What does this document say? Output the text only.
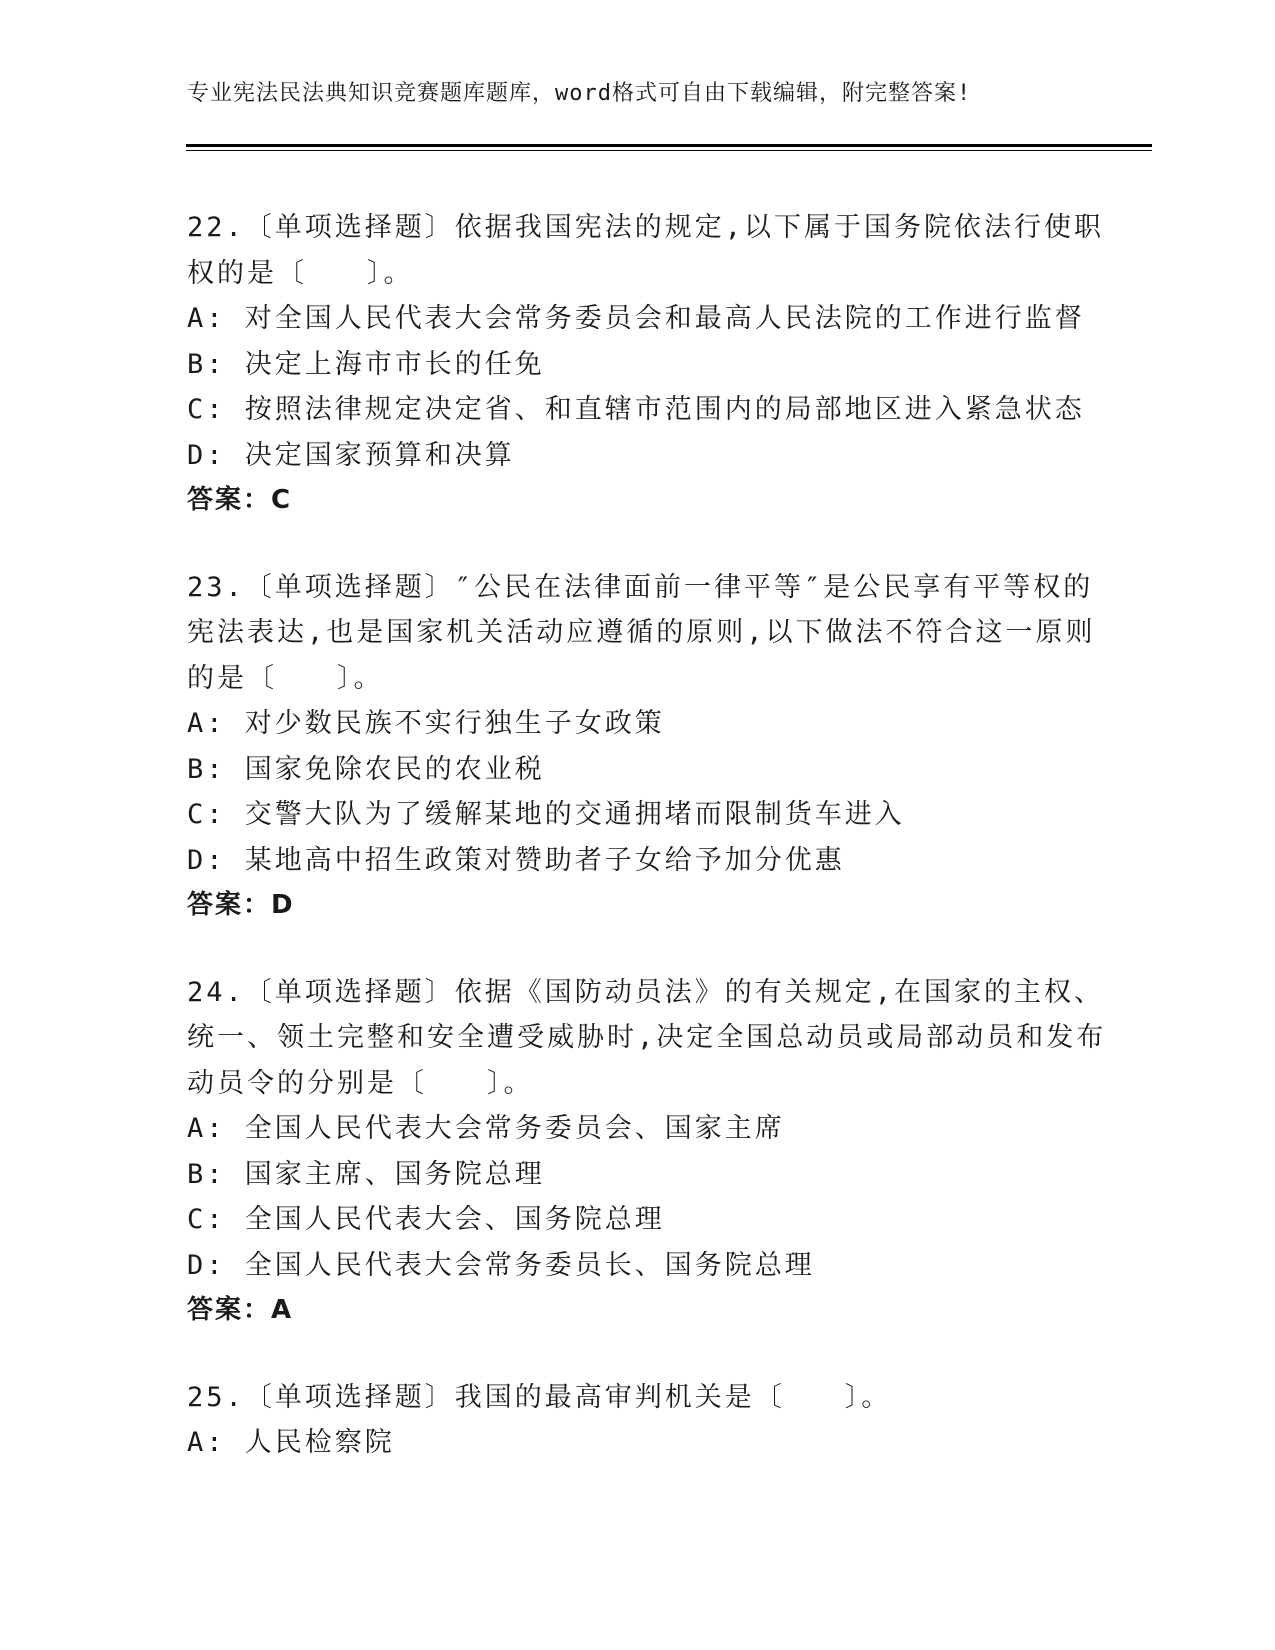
专业宪法民法典知识竞赛题库题库，word格式可自由下载编辑，附完整答案!
22.〔单项选择题〕依据我国宪法的规定,以下属于国务院依法行使职
权的是〔　　〕。
A: 对全国人民代表大会常务委员会和最高人民法院的工作进行监督
B: 决定上海市市长的任免
C: 按照法律规定决定省、和直辖市范围内的局部地区进入紧急状态
D: 决定国家预算和决算
答案：C
23.〔单项选择题〕″公民在法律面前一律平等″是公民享有平等权的
宪法表达,也是国家机关活动应遵循的原则,以下做法不符合这一原则
的是〔　　〕。
A: 对少数民族不实行独生子女政策
B: 国家免除农民的农业税
C: 交警大队为了缓解某地的交通拥堵而限制货车进入
D: 某地高中招生政策对赞助者子女给予加分优惠
答案：D
24.〔单项选择题〕依据《国防动员法》的有关规定,在国家的主权、
统一、领土完整和安全遭受威胁时,决定全国总动员或局部动员和发布
动员令的分别是〔　　〕。
A: 全国人民代表大会常务委员会、国家主席
B: 国家主席、国务院总理
C: 全国人民代表大会、国务院总理
D: 全国人民代表大会常务委员长、国务院总理
答案：A
25.〔单项选择题〕我国的最高审判机关是〔　　〕。
A: 人民检察院
